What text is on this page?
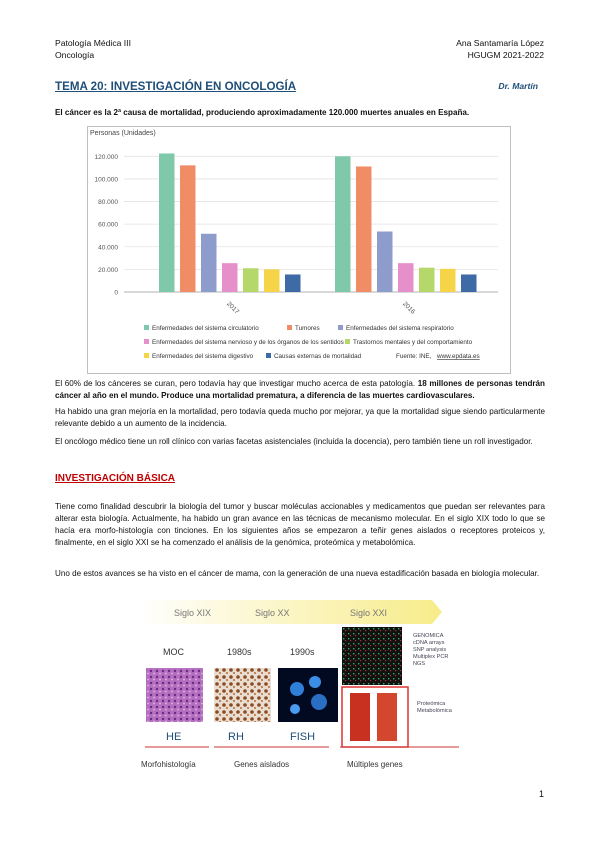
Patología Médica III
Oncología
Ana Santamaría López
HGUGM 2021-2022
TEMA 20: INVESTIGACIÓN EN ONCOLOGÍA	Dr. Martín
El cáncer es la 2ª causa de mortalidad, produciendo aproximadamente 120.000 muertes anuales en España.
Personas (Unidades)
0
20.000
40.000
60.000
80.000
100.000
120.000
2017	2016
Enfermedades del sistema circulatorio	Tumores	Enfermedades del sistema respiratorio
Enfermedades del sistema nervioso y de los órganos de los sentidos Trastornos mentales y del comportamiento
Enfermedades del sistema digestivo	Causas externas de mortalidad	Fuente: INE, www.epdata.es
El 60% de los cánceres se curan, pero todavía hay que investigar mucho acerca de esta patología. 18 millones de personas tendrán cáncer al año en el mundo. Produce una mortalidad prematura, a diferencia de las muertes cardiovasculares.
Ha habido una gran mejoría en la mortalidad, pero todavía queda mucho por mejorar, ya que la mortalidad sigue siendo particularmente relevante debido a un aumento de la incidencia.
El oncólogo médico tiene un roll clínico con varias facetas asistenciales (incluida la docencia), pero también tiene un roll investigador.
INVESTIGACIÓN BÁSICA
Tiene como finalidad descubrir la biología del tumor y buscar moléculas accionables y medicamentos que puedan ser relevantes para alterar esta biología. Actualmente, ha habido un gran avance en las técnicas de mecanismo molecular. En el siglo XIX todo lo que se hacía era morfo-histología con tinciones. En los siguientes años se empezaron a teñir genes aislados o receptores proteicos y, finalmente, en el siglo XXI se ha comenzado el análisis de la genómica, proteómica y metabolómica.
Uno de estos avances se ha visto en el cáncer de mama, con la generación de una nueva estadificación basada en biología molecular.
Siglo XIX	Siglo XX	Siglo XXI
MOC	1980s	1990s
GENOMICA
cDNA arrays
SNP analysis
Multiplex PCR
NGS
Proteómica
Metabolómica
HE	RH	FISH
Morfohistología	Genes aislados	Múltiples genes
1
